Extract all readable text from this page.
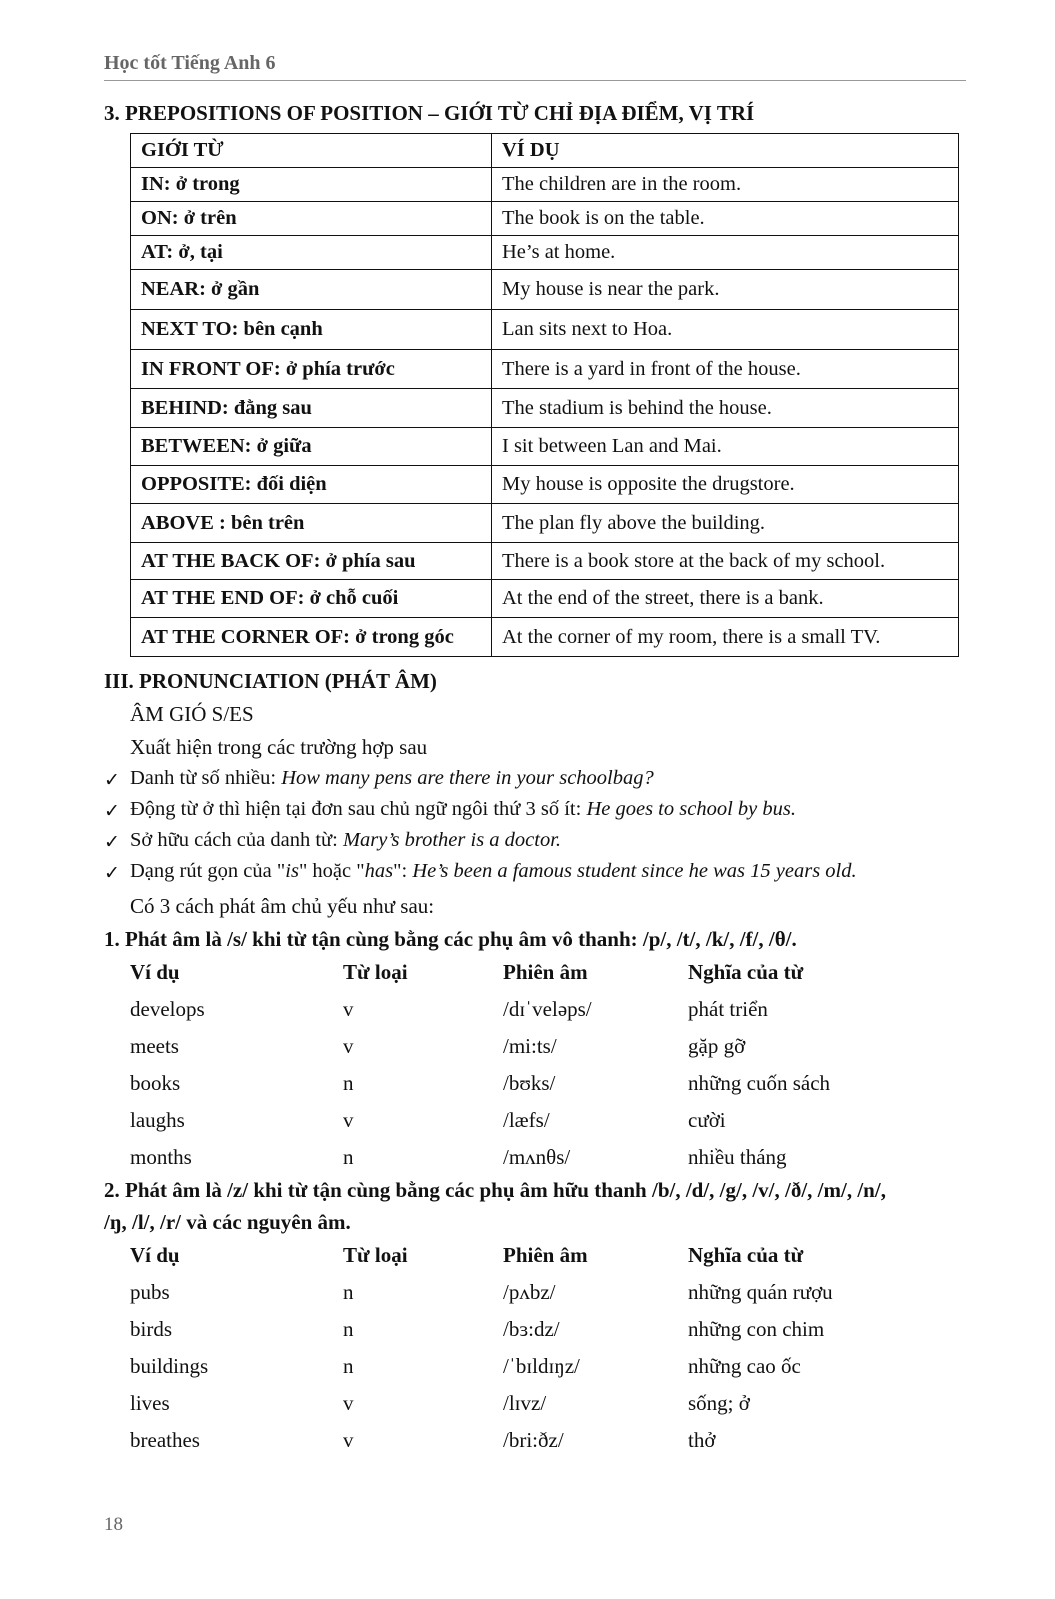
Học tốt Tiếng Anh 6
3. PREPOSITIONS OF POSITION – GIỚI TỪ CHỈ ĐỊA ĐIỂM, VỊ TRÍ
GIỚI TỪ	VÍ DỤ
IN: ở trong	The children are in the room.
ON: ở trên	The book is on the table.
AT: ở, tại	He’s at home.
NEAR: ở gần	My house is near the park.
NEXT TO: bên cạnh	Lan sits next to Hoa.
IN FRONT OF: ở phía trước	There is a yard in front of the house.
BEHIND: đằng sau	The stadium is behind the house.
BETWEEN: ở giữa	I sit between Lan and Mai.
OPPOSITE: đối diện	My house is opposite the drugstore.
ABOVE : bên trên	The plan fly above the building.
AT THE BACK OF: ở phía sau	There is a book store at the back of my school.
AT THE END OF: ở chỗ cuối	At the end of the street, there is a bank.
AT THE CORNER OF: ở trong góc	At the corner of my room, there is a small TV.
III. PRONUNCIATION (PHÁT ÂM)
ÂM GIÓ S/ES
Xuất hiện trong các trường hợp sau
✓ Danh từ số nhiều: How many pens are there in your schoolbag?
✓ Động từ ở thì hiện tại đơn sau chủ ngữ ngôi thứ 3 số ít: He goes to school by bus.
✓ Sở hữu cách của danh từ: Mary’s brother is a doctor.
✓ Dạng rút gọn của "is" hoặc "has": He’s been a famous student since he was 15 years old.
Có 3 cách phát âm chủ yếu như sau:
1. Phát âm là /s/ khi từ tận cùng bằng các phụ âm vô thanh: /p/, /t/, /k/, /f/, /θ/.
Ví dụ	Từ loại	Phiên âm	Nghĩa của từ
develops	v	/dɪˈveləps/	phát triển
meets	v	/mi:ts/	gặp gỡ
books	n	/bʊks/	những cuốn sách
laughs	v	/læfs/	cười
months	n	/mʌnθs/	nhiều tháng
2. Phát âm là /z/ khi từ tận cùng bằng các phụ âm hữu thanh /b/, /d/, /g/, /v/, /ð/, /m/, /n/,
/ŋ, /l/, /r/ và các nguyên âm.
Ví dụ	Từ loại	Phiên âm	Nghĩa của từ
pubs	n	/pʌbz/	những quán rượu
birds	n	/bɜ:dz/	những con chim
buildings	n	/ˈbɪldɪŋz/	những cao ốc
lives	v	/lɪvz/	sống; ở
breathes	v	/bri:ðz/	thở
18
